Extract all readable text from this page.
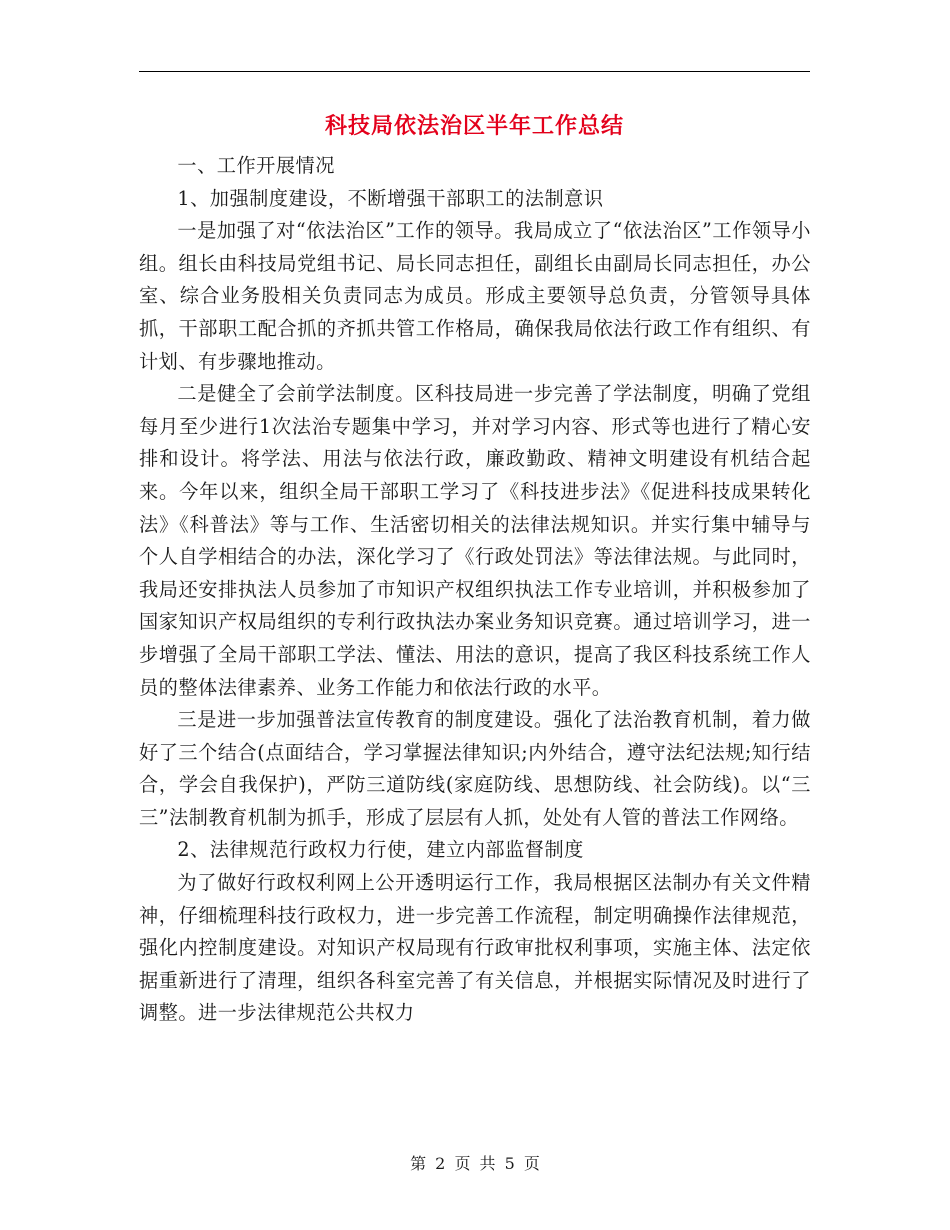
科技局依法治区半年工作总结

一、工作开展情况

1、加强制度建设，不断增强干部职工的法制意识

一是加强了对“依法治区”工作的领导。我局成立了“依法治区”工作领导小组。组长由科技局党组书记、局长同志担任，副组长由副局长同志担任，办公室、综合业务股相关负责同志为成员。形成主要领导总负责，分管领导具体抓，干部职工配合抓的齐抓共管工作格局，确保我局依法行政工作有组织、有计划、有步骤地推动。

二是健全了会前学法制度。区科技局进一步完善了学法制度，明确了党组每月至少进行1次法治专题集中学习，并对学习内容、形式等也进行了精心安排和设计。将学法、用法与依法行政，廉政勤政、精神文明建设有机结合起来。今年以来，组织全局干部职工学习了《科技进步法》《促进科技成果转化法》《科普法》等与工作、生活密切相关的法律法规知识。并实行集中辅导与个人自学相结合的办法，深化学习了《行政处罚法》等法律法规。与此同时，我局还安排执法人员参加了市知识产权组织执法工作专业培训，并积极参加了国家知识产权局组织的专利行政执法办案业务知识竞赛。通过培训学习，进一步增强了全局干部职工学法、懂法、用法的意识，提高了我区科技系统工作人员的整体法律素养、业务工作能力和依法行政的水平。

三是进一步加强普法宣传教育的制度建设。强化了法治教育机制，着力做好了三个结合(点面结合，学习掌握法律知识;内外结合，遵守法纪法规;知行结合，学会自我保护)，严防三道防线(家庭防线、思想防线、社会防线)。以“三三”法制教育机制为抓手，形成了层层有人抓，处处有人管的普法工作网络。

2、法律规范行政权力行使，建立内部监督制度

为了做好行政权利网上公开透明运行工作，我局根据区法制办有关文件精神，仔细梳理科技行政权力，进一步完善工作流程，制定明确操作法律规范，强化内控制度建设。对知识产权局现有行政审批权利事项，实施主体、法定依据重新进行了清理，组织各科室完善了有关信息，并根据实际情况及时进行了调整。进一步法律规范公共权力

第 2 页 共 5 页
